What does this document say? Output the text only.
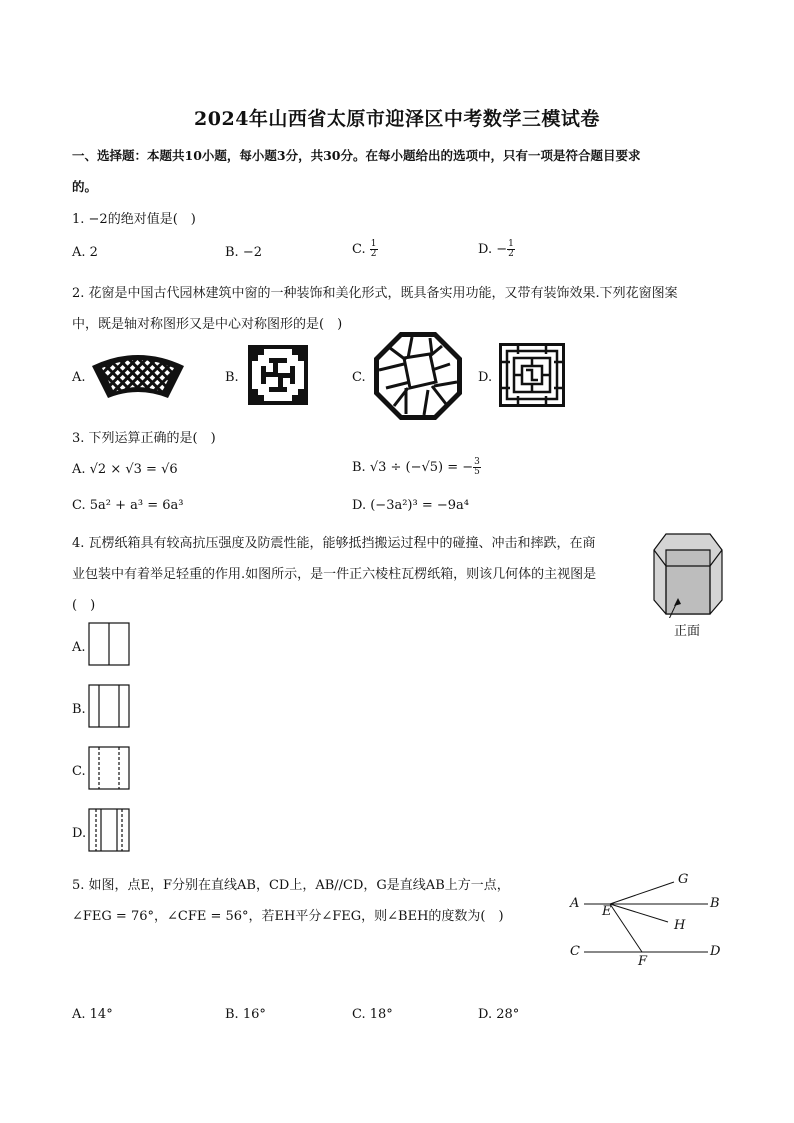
2024年山西省太原市迎泽区中考数学三模试卷
一、选择题：本题共10小题，每小题3分，共30分。在每小题给出的选项中，只有一项是符合题目要求
的。
1. −2的绝对值是(　)
A. 2	B. −2	C. $\frac{1}{2}$	D. − $\frac{1}{2}$
2. 花窗是中国古代园林建筑中窗的一种装饰和美化形式，既具备实用功能，又带有装饰效果.下列花窗图案
中，既是轴对称图形又是中心对称图形的是(　)
A.	B.	C.	D.
3. 下列运算正确的是(　)
A. √2 × √3 = √6	B. √3 ÷ (−√5) = − $\frac{3}{5}$
C. 5a² + a³ = 6a³	D. (−3a²)³ = −9a⁴
4. 瓦楞纸箱具有较高抗压强度及防震性能，能够抵挡搬运过程中的碰撞、冲击和摔跌，在商
业包装中有着举足轻重的作用.如图所示，是一件正六棱柱瓦楞纸箱，则该几何体的主视图是
(　)
正面
A.
B.
C.
D.
5. 如图，点E，F分别在直线AB，CD上，AB//CD，G是直线AB上方一点，
∠FEG = 76°，∠CFE = 56°，若EH平分∠FEG，则∠BEH的度数为(　)
A	B
C	D
E
F
G
H
A. 14°	B. 16°	C. 18°	D. 28°
